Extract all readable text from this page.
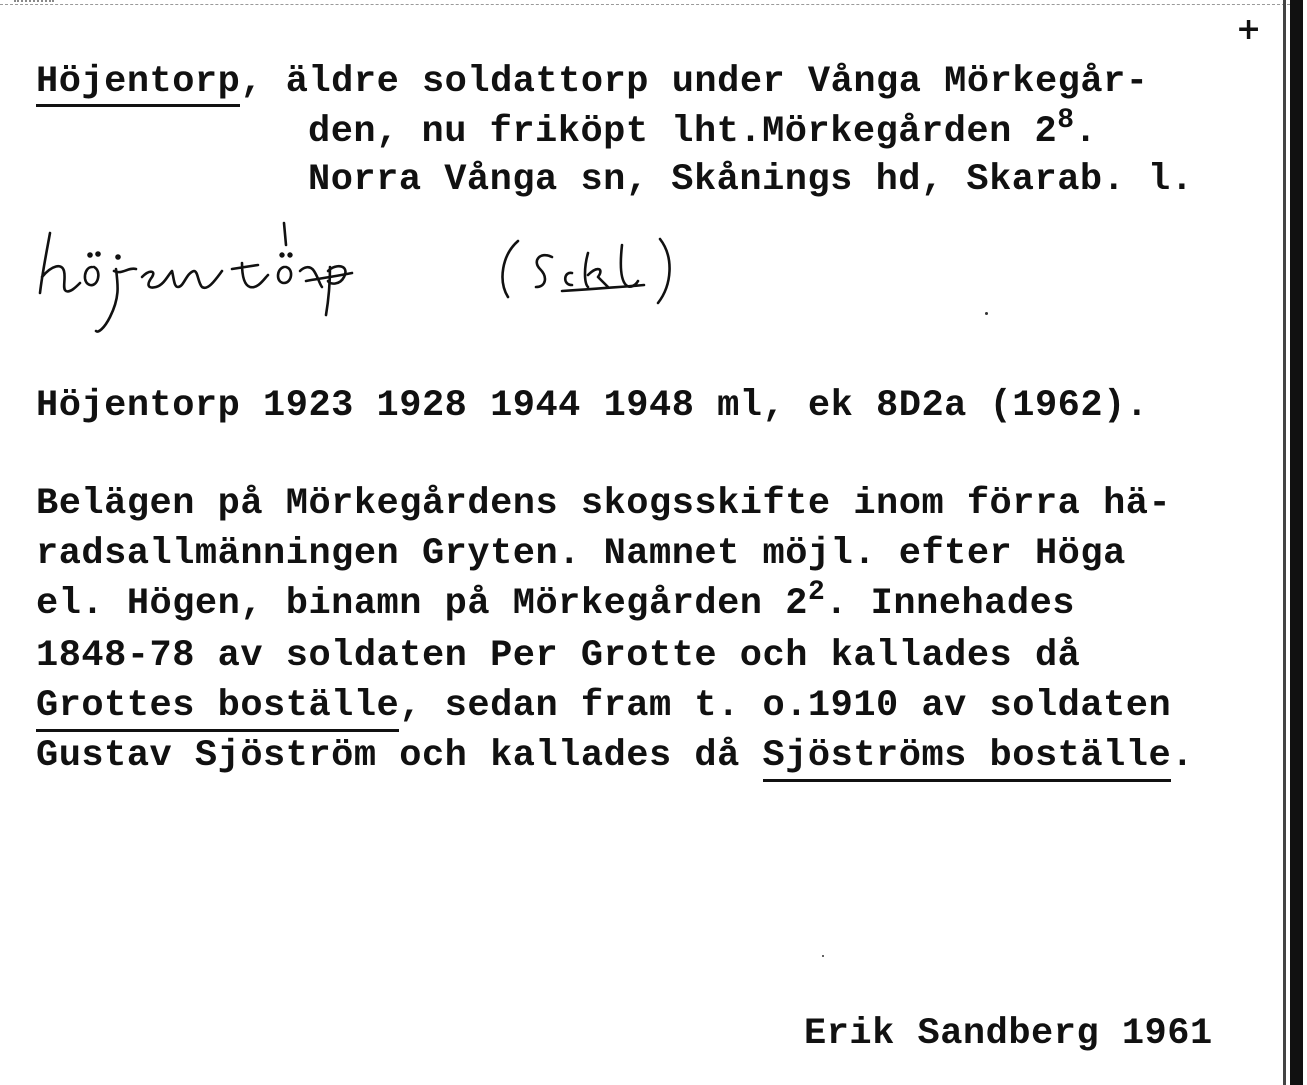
+
Höjentorp, äldre soldattorp under Vånga Mörkegår-
den, nu friköpt lht.Mörkegården $2^8$.
Norra Vånga sn, Skånings hd, Skarab. l.
Höjentorp 1923 1928 1944 1948 ml, ek 8D2a (1962).
Belägen på Mörkegårdens skogsskifte inom förra hä-
radsallmänningen Gryten. Namnet möjl. efter Höga
el. Högen, binamn på Mörkegården $2^2$. Innehades
1848-78 av soldaten Per Grotte och kallades då
Grottes boställe, sedan fram t. o.1910 av soldaten
Gustav Sjöström och kallades då Sjöströms boställe.
Erik Sandberg 1961
